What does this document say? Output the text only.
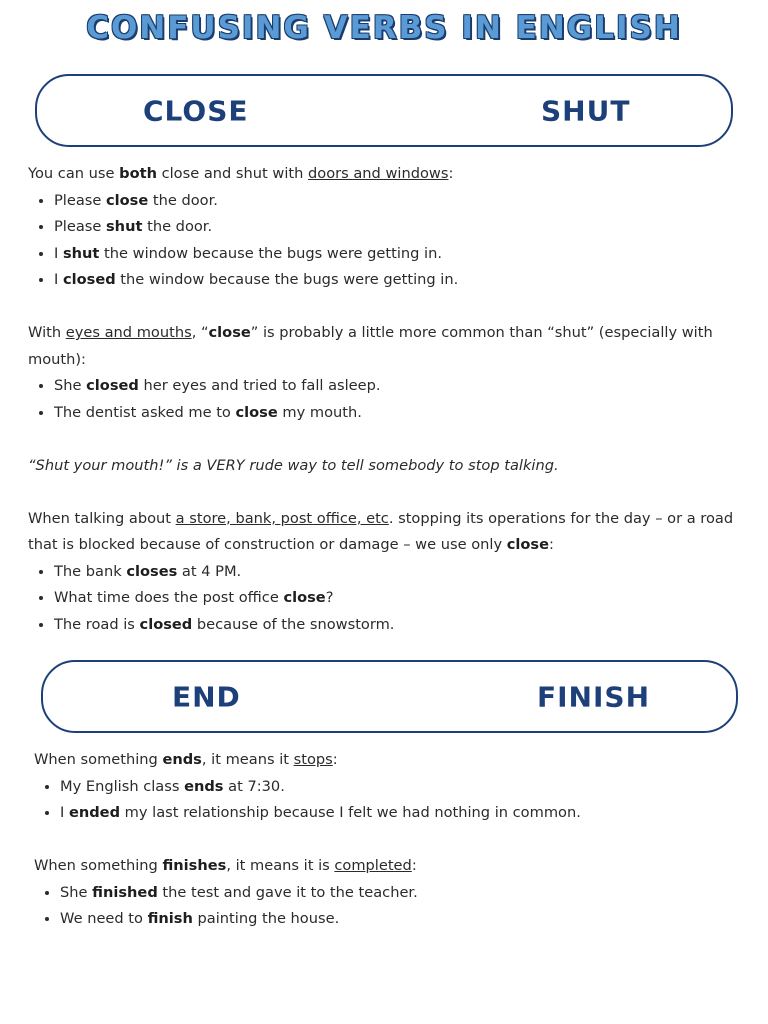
CONFUSING VERBS IN ENGLISH
CLOSE	SHUT

You can use both close and shut with doors and windows:

• Please close the door.
• Please shut the door.
• I shut the window because the bugs were getting in.
• I closed the window because the bugs were getting in.

With eyes and mouths, “close” is probably a little more common than “shut” (especially with mouth):

• She closed her eyes and tried to fall asleep.
• The dentist asked me to close my mouth.

“Shut your mouth!” is a VERY rude way to tell somebody to stop talking.

When talking about a store, bank, post office, etc. stopping its operations for the day – or a road that is blocked because of construction or damage – we use only close:

• The bank closes at 4 PM.
• What time does the post office close?
• The road is closed because of the snowstorm.
END	FINISH

When something ends, it means it stops:

• My English class ends at 7:30.
• I ended my last relationship because I felt we had nothing in common.

When something finishes, it means it is completed:

• She finished the test and gave it to the teacher.
• We need to finish painting the house.
